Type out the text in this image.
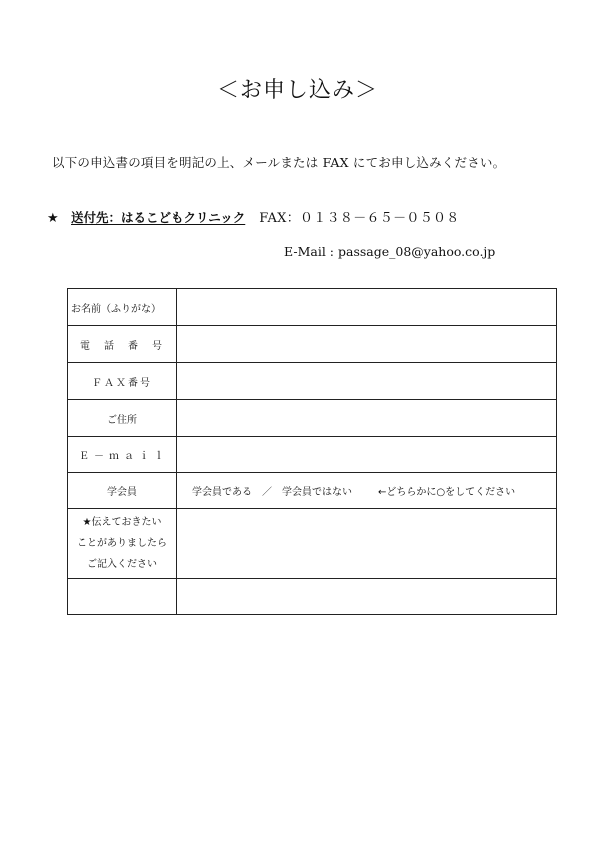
＜お申し込み＞
以下の申込書の項目を明記の上、メールまたは FAX にてお申し込みください。
★ 送付先：はるこどもクリニック FAX：０１３８－６５－０５０８
E-Mail : passage_08@yahoo.co.jp
お名前（ふりがな）	
電話番号	
ＦＡＸ番号	
ご住所	
Ｅ－ｍａｉｌ	
学会員	学会員である ／ 学会員ではない ←どちらかに○をしてください

★伝えておきたい
ことがありましたら
ご記入ください	
